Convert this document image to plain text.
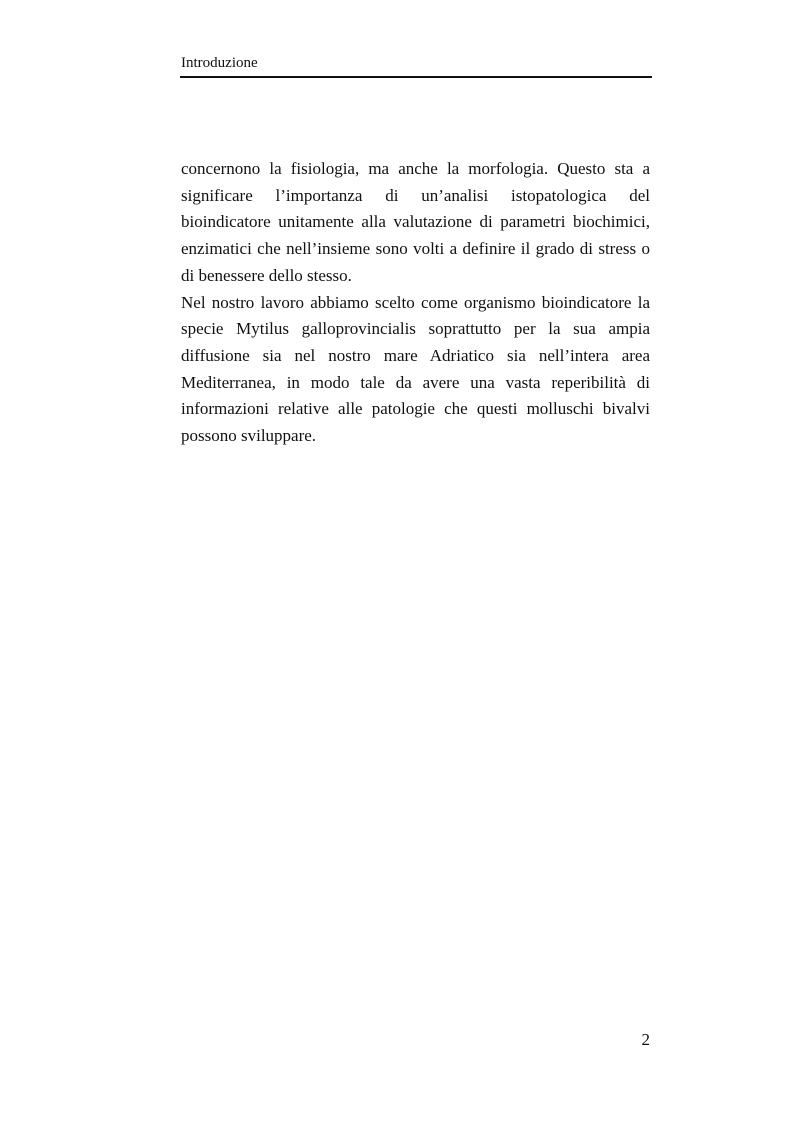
Introduzione

concernono la fisiologia, ma anche la morfologia. Questo sta a significare l’importanza di un’analisi istopatologica del bioindicatore unitamente alla valutazione di parametri biochimici, enzimatici che nell’insieme sono volti a definire il grado di stress o di benessere dello stesso.

Nel nostro lavoro abbiamo scelto come organismo bioindicatore la specie Mytilus galloprovincialis soprattutto per la sua ampia diffusione sia nel nostro mare Adriatico sia nell’intera area Mediterranea, in modo tale da avere una vasta reperibilità di informazioni relative alle patologie che questi molluschi bivalvi possono sviluppare.

2
